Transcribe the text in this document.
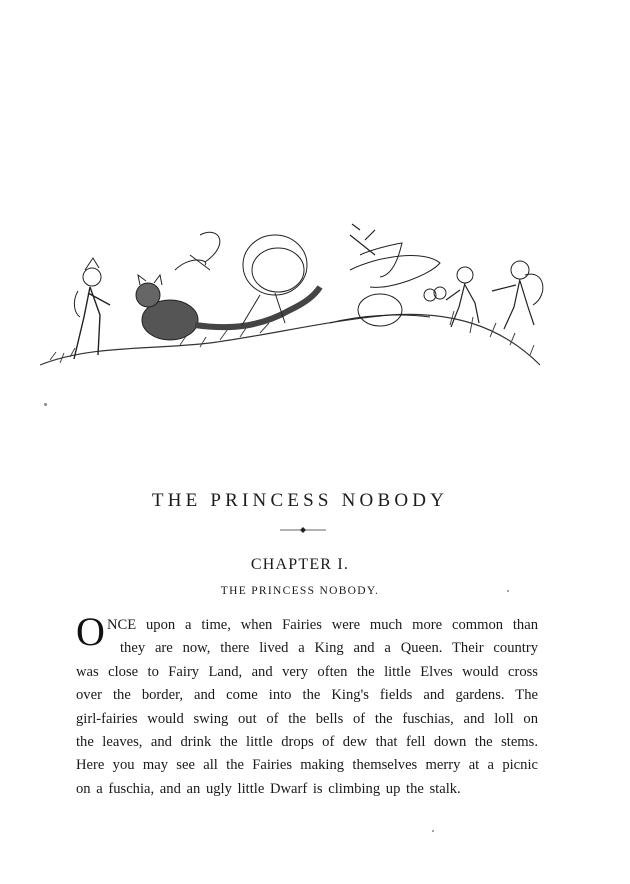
THE PRINCESS NOBODY
CHAPTER I.
THE PRINCESS NOBODY.
O NCE upon a time, when Fairies were much more common than
they are now, there lived a King and a Queen. Their country
was close to Fairy Land, and very often the little Elves would cross
over the border, and come into the King's fields and gardens. The
girl-fairies would swing out of the bells of the fuschias, and loll on
the leaves, and drink the little drops of dew that fell down the stems.
Here you may see all the Fairies making themselves merry at a picnic
on a fuschia, and an ugly little Dwarf is climbing up the stalk.
